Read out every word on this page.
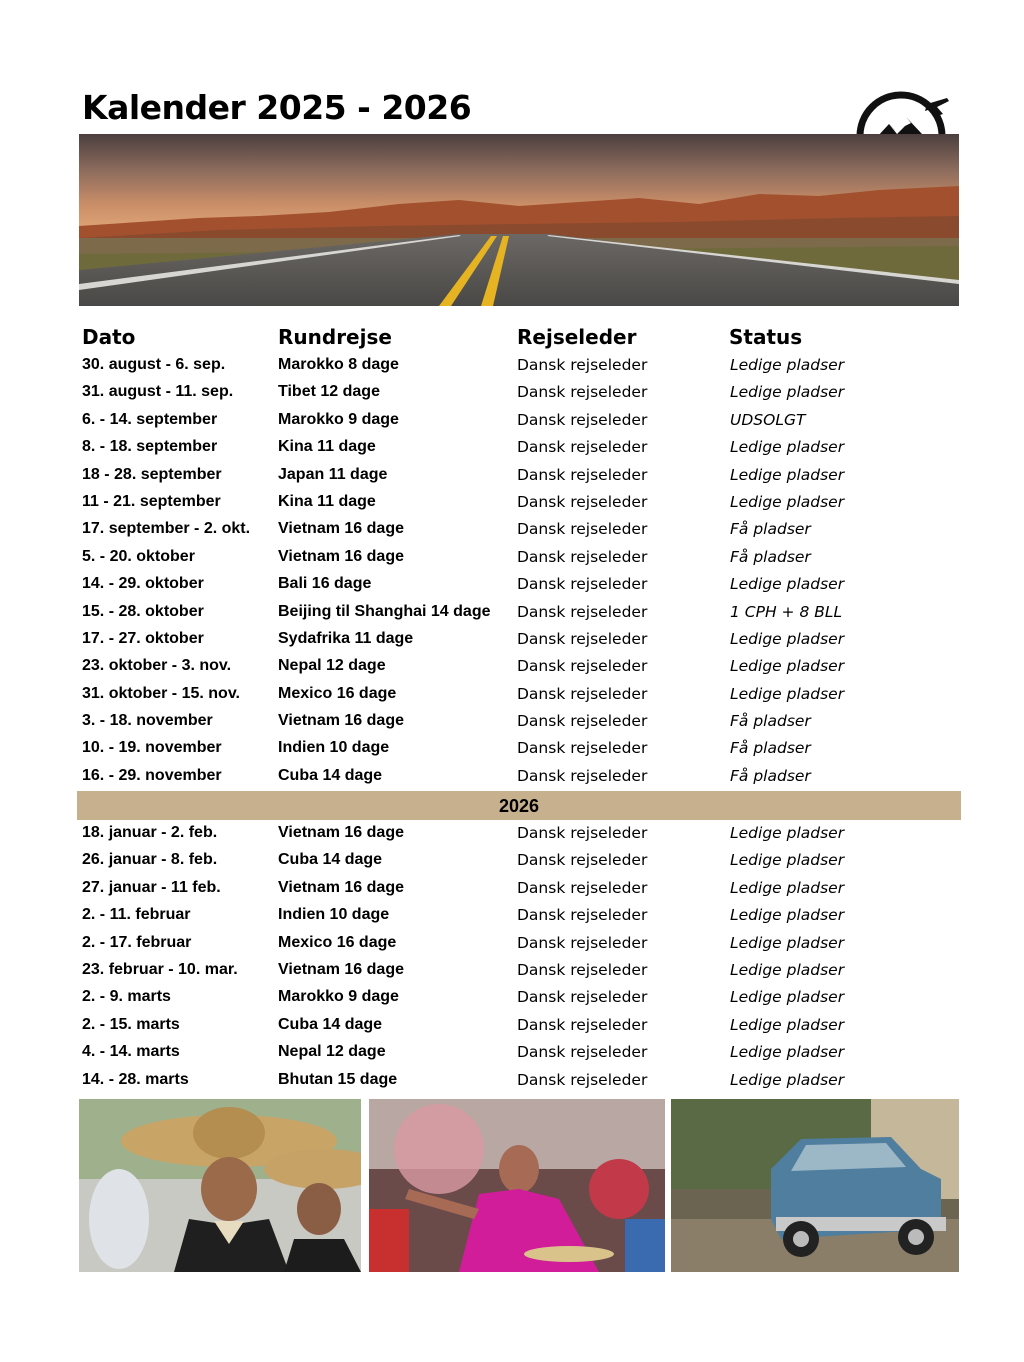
Kalender 2025 - 2026
Dato	Rundrejse	Rejseleder	Status
30. august - 6. sep.	Marokko 8 dage	Dansk rejseleder	Ledige pladser
31. august - 11. sep.	Tibet 12 dage	Dansk rejseleder	Ledige pladser
6. - 14. september	Marokko 9 dage	Dansk rejseleder	UDSOLGT
8. - 18. september	Kina 11 dage	Dansk rejseleder	Ledige pladser
18 - 28. september	Japan 11 dage	Dansk rejseleder	Ledige pladser
11 - 21. september	Kina 11 dage	Dansk rejseleder	Ledige pladser
17. september - 2. okt. Vietnam 16 dage	Dansk rejseleder	Få pladser
5. - 20. oktober	Vietnam 16 dage	Dansk rejseleder	Få pladser
14. - 29. oktober	Bali 16 dage	Dansk rejseleder	Ledige pladser
15. - 28. oktober	Beijing til Shanghai 14 dage Dansk rejseleder	1 CPH + 8 BLL
17. - 27. oktober	Sydafrika 11 dage	Dansk rejseleder	Ledige pladser
23. oktober - 3. nov.	Nepal 12 dage	Dansk rejseleder	Ledige pladser
31. oktober - 15. nov. Mexico 16 dage	Dansk rejseleder	Ledige pladser
3. - 18. november	Vietnam 16 dage	Dansk rejseleder	Få pladser
10. - 19. november	Indien 10 dage	Dansk rejseleder	Få pladser
16. - 29. november	Cuba 14 dage	Dansk rejseleder	Få pladser
2026
18. januar - 2. feb.	Vietnam 16 dage	Dansk rejseleder	Ledige pladser
26. januar - 8. feb.	Cuba 14 dage	Dansk rejseleder	Ledige pladser
27. januar - 11 feb.	Vietnam 16 dage	Dansk rejseleder	Ledige pladser
2. - 11. februar	Indien 10 dage	Dansk rejseleder	Ledige pladser
2. - 17. februar	Mexico 16 dage	Dansk rejseleder	Ledige pladser
23. februar - 10. mar.	Vietnam 16 dage	Dansk rejseleder	Ledige pladser
2. - 9. marts	Marokko 9 dage	Dansk rejseleder	Ledige pladser
2. - 15. marts	Cuba 14 dage	Dansk rejseleder	Ledige pladser
4. - 14. marts	Nepal 12 dage	Dansk rejseleder	Ledige pladser
14. - 28. marts	Bhutan 15 dage	Dansk rejseleder	Ledige pladser
